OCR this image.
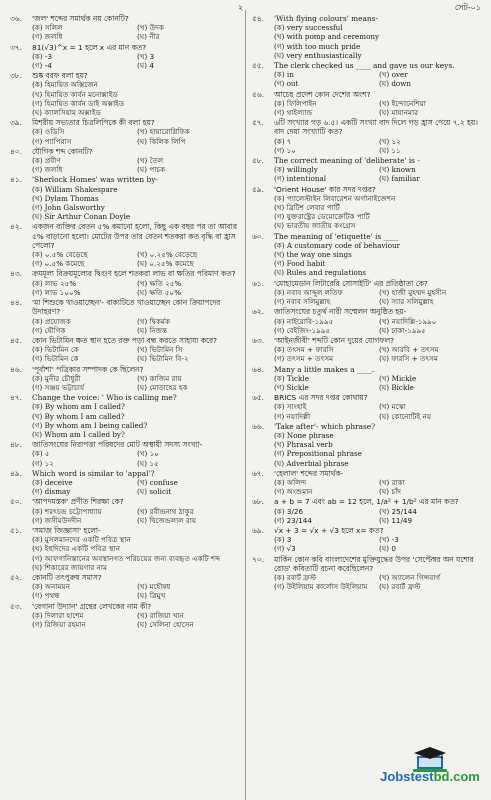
২	সেট-০১
৩৬. 'জল' শব্দের সমার্থক নয় কোনটি?
(ক) সলিল	(খ) উদক
(গ) জলধি	(ঘ) নীর
৩৭. 81(√3)^x = 1 হলে x এর মান কত?
(ক) -3	(খ) 3
(গ) -4	(ঘ) 4
৩৮. শুষ্ক বরফ বলা হয়?
(ক) হিমায়িত অক্সিজেন
(খ) হিমায়িত কার্বন মনোক্সাইড
(গ) হিমায়িত কার্বন ডাই অক্সাইড
(ঘ) ক্যালসিয়াম অক্সাইড
৩৯. মিশরীয় সভ্যতার চিত্রলিপিকে কী বলা হয়?
(ক) ওডিসি	(খ) হায়ারোগ্লিফিক
(গ) প্যাপিরাস	(ঘ) কিলিক লিপি
৪০. যৌগিক শব্দ কোনটি?
(ক) প্রবীণ	(খ) তৈল
(গ) জলধি	(ঘ) পাচক
৪১. 'Sherlock Homes' was written by-
(ক) William Shakespare
(খ) Dylam Thomas
(গ) John Galsworthy
(ঘ) Sir Arthur Conan Doyle
৪২. একজন ব্যক্তির বেতন ৫% কমানো হলো, কিছু এক বছর পর তা আবার ৫% বাড়ানো হলো। মোটের উপর তার বেতন শতকরা কত বৃদ্ধি বা হ্রাস পেলো?
(ক) ০.৫% বেড়েছে	(খ) ০.২৫% বেড়েছে
(গ) ০.৫% কমেছে	(ঘ) ০.২৫% কমেছে
৪৩. ক্রমমূল্য বিক্রয়মূল্যের দ্বিগুণ হলে শতকরা লাভ বা ক্ষতির পরিমাণ কত?
(ক) লাভ ২৫%	(খ) ক্ষতি ২৫%
(গ) লাভ ১০০%	(ঘ) ক্ষতি ৫০%
৪৪. 'মা শিশুকে খাওয়াচ্ছেন'- বাক্যটিতে খাওয়াচ্ছেন কোন ক্রিয়াপদের উদাহরণ?
(ক) প্রযোজক	(খ) দ্বিকর্মক
(গ) যৌগিক	(ঘ) নিজন্ত
৪৫. কোন ভিটামিন ক্ষত স্থান হতে রক্ত পড়া বন্ধ করতে সাহায্য করে?
(ক) ভিটামিন কে	(খ) ভিটামিন সি
(গ) ভিটামিন কে	(ঘ) ভিটামিন বি-২
৪৬. 'পূর্বাশা' পত্রিকার সম্পাদক কে ছিলেন?
(ক) মুনীর চৌধুরী	(খ) কাজিম রায়
(গ) সঞ্জয় ভট্টাচার্য	(ঘ) মোতাহের হক
৪৭. Change the voice: ' Who is calling me?
(ক) By whom am I called?
(খ) By whom I am called?
(গ) By whom am I being called?
(ঘ) Whom am I called by?
৪৮. জাতিসংঘের নিরাপত্তা পরিষদের মোট অস্থায়ী সদস্য সংখ্যা-
(ক) ৫	(খ) ১০
(গ) ১২	(ঘ) ১৫
৪৯. Which word is similar to 'appal'?
(ক) deceive	(খ) confuse
(গ) dismay	(ঘ) solicit
৫০. 'আপদমস্তক' প্রণীত শিরক্ষা কে?
(ক) শরৎচন্দ্র চট্টোপাধ্যায়	(খ) রবীন্দ্রনাথ ঠাকুর
(গ) জসীমউদদীন	(ঘ) দ্বিজেন্দ্রলাল রায়
৫১. 'সমাজ জিজ্ঞাসা' হলো-
(ক) মুসলমানদের একটি পবিত্র স্থান
(খ) ইহুদিদের একটি পবিত্র স্থান
(গ) আফগানিস্তানের অবস্থানগত পরিচয়ের জন্য ব্যবহৃত একটি শব্দ
(ঘ) শিকারের জায়গার নাম
৫২. কোনটি তৎপুরুষ সমাস?
(ক) অনাময়ন	(খ) মহৌষধ
(গ) পথন্ধ	(ঘ) ত্রিমুখ
৫৩. 'বেগানা উদ্যান' গ্রন্থের লেখকের নাম কী?
(ক) দিলারা হাশেম	(খ) রাজিয়া খান
(গ) রিজিয়া রহমান	(ঘ) সেলিনা হোসেন
৫৪. 'With flying colours' means-
(ক) very successful
(খ) with pomp and ceremony
(গ) with too much pride
(ঘ) very enthusiastically
৫৫. The clerk checked us ____ and gave us our keys.
(ক) in	(খ) over
(গ) out	(ঘ) down
৫৬. আচেহ প্রদেশ কোন দেশের অংশ?
(ক) ফিলিপাইন	(খ) ইন্দোনেশিয়া
(গ) থাইল্যান্ড	(ঘ) মায়ানমার
৫৭. ৬টি সংখ্যার গড় ৬.৫। একটি সংখ্যা বাদ দিলে গড় হ্রাস পেয়ে ৭.২ হয়। বাদ দেয়া সংখ্যাটি কত?
(ক) ৭	(খ) ১২
(গ) ১০	(ঘ) ১১
৫৮. The correct meaning of 'deliberate' is -
(ক) willingly	(খ) known
(গ) intentional	(ঘ) familiar
৫৯. 'Orient House' কার সদর দপ্তর?
(ক) প্যালেস্টাইন লিবারেশন অর্গানাইজেশন
(খ) ব্রিটিশ লেবার পার্টি
(গ) যুক্তরাষ্ট্রের ডেমোক্রেটিক পার্টি
(ঘ) ভারতীয় জাতীয় কংগ্রেস
৬০. The meaning of 'etiquette' is ____
(ক) A customary code of behaviour
(খ) the way one sings
(গ) Food habit
(ঘ) Rules and regulations
৬১. 'মোহামেডান লিটারেরি সোসাইটি' এর প্রতিষ্ঠাতা কে?
(ক) নবাব আব্দুল লতিফ	(খ) হাজী মুহম্মদ মুহসীন
(গ) নবাব সলিমুল্লাহ	(ঘ) স্যার সলিমুল্লাহ
৬২. জাতিসংঘের চতুর্থ নারী সম্মেলন অনুষ্ঠিত হয়-
(ক) নাইরোবি-১৯৯৫	(খ) নয়াদিল্লি-১৯৯০
(গ) বেইজিং-১৯৯৫	(ঘ) ঢাকা-১৯৯৫
৬৩. 'আইনজীবী' শব্দটি কোন দুয়ের যোগফল?
(ক) তৎসম + ফারসি	(খ) আরবি + তৎসম
(গ) তৎসম + তৎসম	(ঘ) ফারসি + তৎসম
৬৪. Many a little makes a ____.
(ক) Tickle	(খ) Mickle
(গ) Sickle	(ঘ) Bickle
৬৫. BRICS এর সদর দপ্তর কোথায়?
(ক) সাংহাই	(খ) মস্কো
(গ) নয়াদিল্লী	(ঘ) কোনোটিই নয়
৬৬. 'Take after'- which phrase?
(ক) None phrase
(খ) Phrasal verb
(গ) Prepositional phrase
(ঘ) Adverbial phrase
৬৭. 'হেলাল' শব্দের সমার্থক-
(ক) অলিন্দ	(খ) রাকা
(গ) অংশুমান	(ঘ) চাঁদ
৬৮. a + b = 7 এবং ab = 12 হলে, 1/a² + 1/b² এর মান কত?
(ক) 3/26	(খ) 25/144
(গ) 23/144	(ঘ) 11/49
৬৯. √x + 3 = √x + √3 হলে x= কত?
(ক) 3	(খ) -3
(গ) √3	(ঘ) 0
৭০. মার্কিন কোন কবি বাংলাদেশের মুক্তিযুদ্ধের উপর 'সেপ্টেম্বর অন যশোর রোড' কবিতাটি রচনা করেছিলেন?
(ক) রবার্ট ফ্রস্ট	(খ) অ্যালেন গিন্সবার্গ
(গ) উইলিয়াম কার্লোস উইলিয়াম	(ঘ) রবার্ট ফ্রস্ট
Jobstestbd.com
